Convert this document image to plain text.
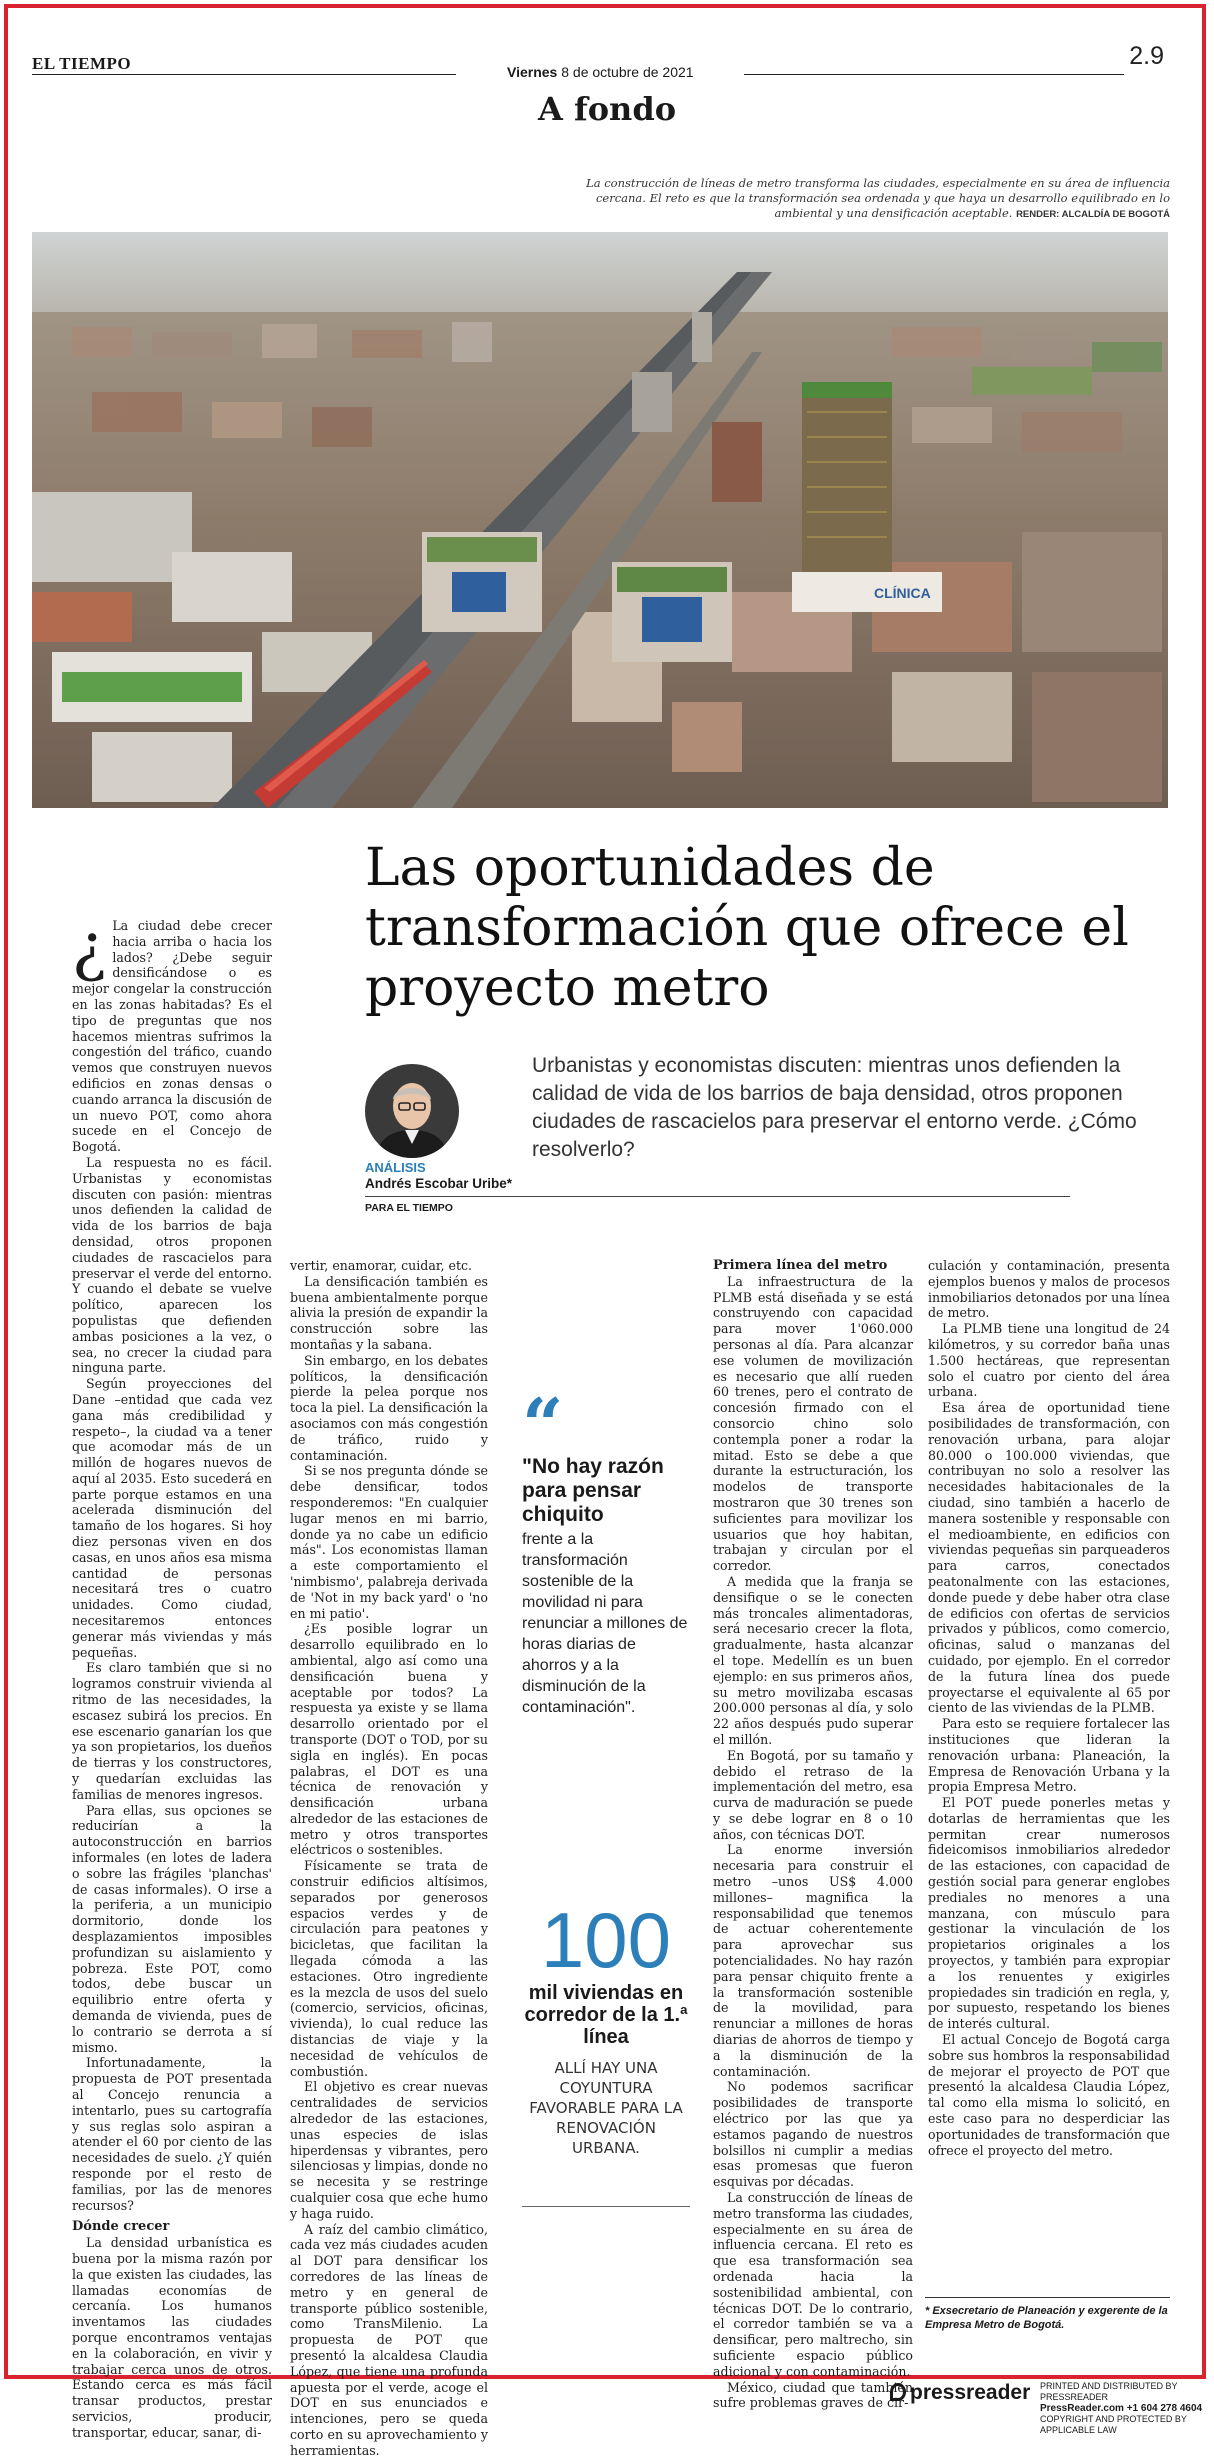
EL TIEMPO	Viernes 8 de octubre de 2021
2.9
A fondo
La construcción de líneas de metro transforma las ciudades, especialmente en su área de influencia cercana. El reto es que la transformación sea ordenada y que haya un desarrollo equilibrado en lo ambiental y una densificación aceptable. RENDER: ALCALDÍA DE BOGOTÁ
CLÍNICA
Las oportunidades de transformación que ofrece el proyecto metro
Urbanistas y economistas discuten: mientras unos defienden la calidad de vida de los barrios de baja densidad, otros proponen ciudades de rascacielos para preservar el entorno verde. ¿Cómo resolverlo?
ANÁLISIS
Andrés Escobar Uribe*
PARA EL TIEMPO

¿ La ciudad debe crecer hacia arriba o hacia los lados? ¿Debe seguir densificándose o es mejor congelar la construcción en las zonas habitadas? Es el tipo de preguntas que nos hacemos mientras sufrimos la congestión del tráfico, cuando vemos que construyen nuevos edificios en zonas densas o cuando arranca la discusión de un nuevo POT, como ahora sucede en el Concejo de Bogotá.

La respuesta no es fácil. Urbanistas y economistas discuten con pasión: mientras unos defienden la calidad de vida de los barrios de baja densidad, otros proponen ciudades de rascacielos para preservar el verde del entorno. Y cuando el debate se vuelve político, aparecen los populistas que defienden ambas posiciones a la vez, o sea, no crecer la ciudad para ninguna parte.

Según proyecciones del Dane –entidad que cada vez gana más credibilidad y respeto–, la ciudad va a tener que acomodar más de un millón de hogares nuevos de aquí al 2035. Esto sucederá en parte porque estamos en una acelerada disminución del tamaño de los hogares. Si hoy diez personas viven en dos casas, en unos años esa misma cantidad de personas necesitará tres o cuatro unidades. Como ciudad, necesitaremos entonces generar más viviendas y más pequeñas.

Es claro también que si no logramos construir vivienda al ritmo de las necesidades, la escasez subirá los precios. En ese escenario ganarían los que ya son propietarios, los dueños de tierras y los constructores, y quedarían excluidas las familias de menores ingresos.

Para ellas, sus opciones se reducirían a la autoconstrucción en barrios informales (en lotes de ladera o sobre las frágiles 'planchas' de casas informales). O irse a la periferia, a un municipio dormitorio, donde los desplazamientos imposibles profundizan su aislamiento y pobreza. Este POT, como todos, debe buscar un equilibrio entre oferta y demanda de vivienda, pues de lo contrario se derrota a sí mismo.

Infortunadamente, la propuesta de POT presentada al Concejo renuncia a intentarlo, pues su cartografía y sus reglas solo aspiran a atender el 60 por ciento de las necesidades de suelo. ¿Y quién responde por el resto de familias, por las de menores recursos?

Dónde crecer

La densidad urbanística es buena por la misma razón por la que existen las ciudades, las llamadas economías de cercanía. Los humanos inventamos las ciudades porque encontramos ventajas en la colaboración, en vivir y trabajar cerca unos de otros. Estando cerca es más fácil transar productos, prestar servicios, producir, transportar, educar, sanar, di-

vertir, enamorar, cuidar, etc.

La densificación también es buena ambientalmente porque alivia la presión de expandir la construcción sobre las montañas y la sabana.

Sin embargo, en los debates políticos, la densificación pierde la pelea porque nos toca la piel. La densificación la asociamos con más congestión de tráfico, ruido y contaminación.

Si se nos pregunta dónde se debe densificar, todos responderemos: "En cualquier lugar menos en mi barrio, donde ya no cabe un edificio más". Los economistas llaman a este comportamiento el 'nimbismo', palabreja derivada de 'Not in my back yard' o 'no en mi patio'.

¿Es posible lograr un desarrollo equilibrado en lo ambiental, algo así como una densificación buena y aceptable por todos? La respuesta ya existe y se llama desarrollo orientado por el transporte (DOT o TOD, por su sigla en inglés). En pocas palabras, el DOT es una técnica de renovación y densificación urbana alrededor de las estaciones de metro y otros transportes eléctricos o sostenibles.

Físicamente se trata de construir edificios altísimos, separados por generosos espacios verdes y de circulación para peatones y bicicletas, que facilitan la llegada cómoda a las estaciones. Otro ingrediente es la mezcla de usos del suelo (comercio, servicios, oficinas, vivienda), lo cual reduce las distancias de viaje y la necesidad de vehículos de combustión.

El objetivo es crear nuevas centralidades de servicios alrededor de las estaciones, unas especies de islas hiperdensas y vibrantes, pero silenciosas y limpias, donde no se necesita y se restringe cualquier cosa que eche humo y haga ruido.

A raíz del cambio climático, cada vez más ciudades acuden al DOT para densificar los corredores de las líneas de metro y en general de transporte público sostenible, como TransMilenio. La propuesta de POT que presentó la alcaldesa Claudia López, que tiene una profunda apuesta por el verde, acoge el DOT en sus enunciados e intenciones, pero se queda corto en su aprovechamiento y herramientas.

“
"No hay razón para pensar chiquito
frente a la transformación sostenible de la movilidad ni para renunciar a millones de horas diarias de ahorros y a la disminución de la contaminación".
100
mil viviendas en corredor de la 1.ª línea
ALLÍ HAY UNA COYUNTURA FAVORABLE PARA LA RENOVACIÓN URBANA.
Primera línea del metro

La infraestructura de la PLMB está diseñada y se está construyendo con capacidad para mover 1'060.000 personas al día. Para alcanzar ese volumen de movilización es necesario que allí rueden 60 trenes, pero el contrato de concesión firmado con el consorcio chino solo contempla poner a rodar la mitad. Esto se debe a que durante la estructuración, los modelos de transporte mostraron que 30 trenes son suficientes para movilizar los usuarios que hoy habitan, trabajan y circulan por el corredor.

A medida que la franja se densifique o se le conecten más troncales alimentadoras, será necesario crecer la flota, gradualmente, hasta alcanzar el tope. Medellín es un buen ejemplo: en sus primeros años, su metro movilizaba escasas 200.000 personas al día, y solo 22 años después pudo superar el millón.

En Bogotá, por su tamaño y debido el retraso de la implementación del metro, esa curva de maduración se puede y se debe lograr en 8 o 10 años, con técnicas DOT.

La enorme inversión necesaria para construir el metro –unos US$ 4.000 millones– magnifica la responsabilidad que tenemos de actuar coherentemente para aprovechar sus potencialidades. No hay razón para pensar chiquito frente a la transformación sostenible de la movilidad, para renunciar a millones de horas diarias de ahorros de tiempo y a la disminución de la contaminación.

No podemos sacrificar posibilidades de transporte eléctrico por las que ya estamos pagando de nuestros bolsillos ni cumplir a medias esas promesas que fueron esquivas por décadas.

La construcción de líneas de metro transforma las ciudades, especialmente en su área de influencia cercana. El reto es que esa transformación sea ordenada hacia la sostenibilidad ambiental, con técnicas DOT. De lo contrario, el corredor también se va a densificar, pero maltrecho, sin suficiente espacio público adicional y con contaminación.

México, ciudad que también sufre problemas graves de cir-

culación y contaminación, presenta ejemplos buenos y malos de procesos inmobiliarios detonados por una línea de metro.

La PLMB tiene una longitud de 24 kilómetros, y su corredor baña unas 1.500 hectáreas, que representan solo el cuatro por ciento del área urbana.

Esa área de oportunidad tiene posibilidades de transformación, con renovación urbana, para alojar 80.000 o 100.000 viviendas, que contribuyan no solo a resolver las necesidades habitacionales de la ciudad, sino también a hacerlo de manera sostenible y responsable con el medioambiente, en edificios con viviendas pequeñas sin parqueaderos para carros, conectados peatonalmente con las estaciones, donde puede y debe haber otra clase de edificios con ofertas de servicios privados y públicos, como comercio, oficinas, salud o manzanas del cuidado, por ejemplo. En el corredor de la futura línea dos puede proyectarse el equivalente al 65 por ciento de las viviendas de la PLMB.

Para esto se requiere fortalecer las instituciones que lideran la renovación urbana: Planeación, la Empresa de Renovación Urbana y la propia Empresa Metro.

El POT puede ponerles metas y dotarlas de herramientas que les permitan crear numerosos fideicomisos inmobiliarios alrededor de las estaciones, con capacidad de gestión social para generar englobes prediales no menores a una manzana, con músculo para gestionar la vinculación de los propietarios originales a los proyectos, y también para expropiar a los renuentes y exigirles propiedades sin tradición en regla, y, por supuesto, respetando los bienes de interés cultural.

El actual Concejo de Bogotá carga sobre sus hombros la responsabilidad de mejorar el proyecto de POT que presentó la alcaldesa Claudia López, tal como ella misma lo solicitó, en este caso para no desperdiciar las oportunidades de transformación que ofrece el proyecto del metro.

* Exsecretario de Planeación y exgerente de la Empresa Metro de Bogotá.
pressreader PRINTED AND DISTRIBUTED BY PRESSREADER
PressReader.com +1 604 278 4604
COPYRIGHT AND PROTECTED BY APPLICABLE LAW
